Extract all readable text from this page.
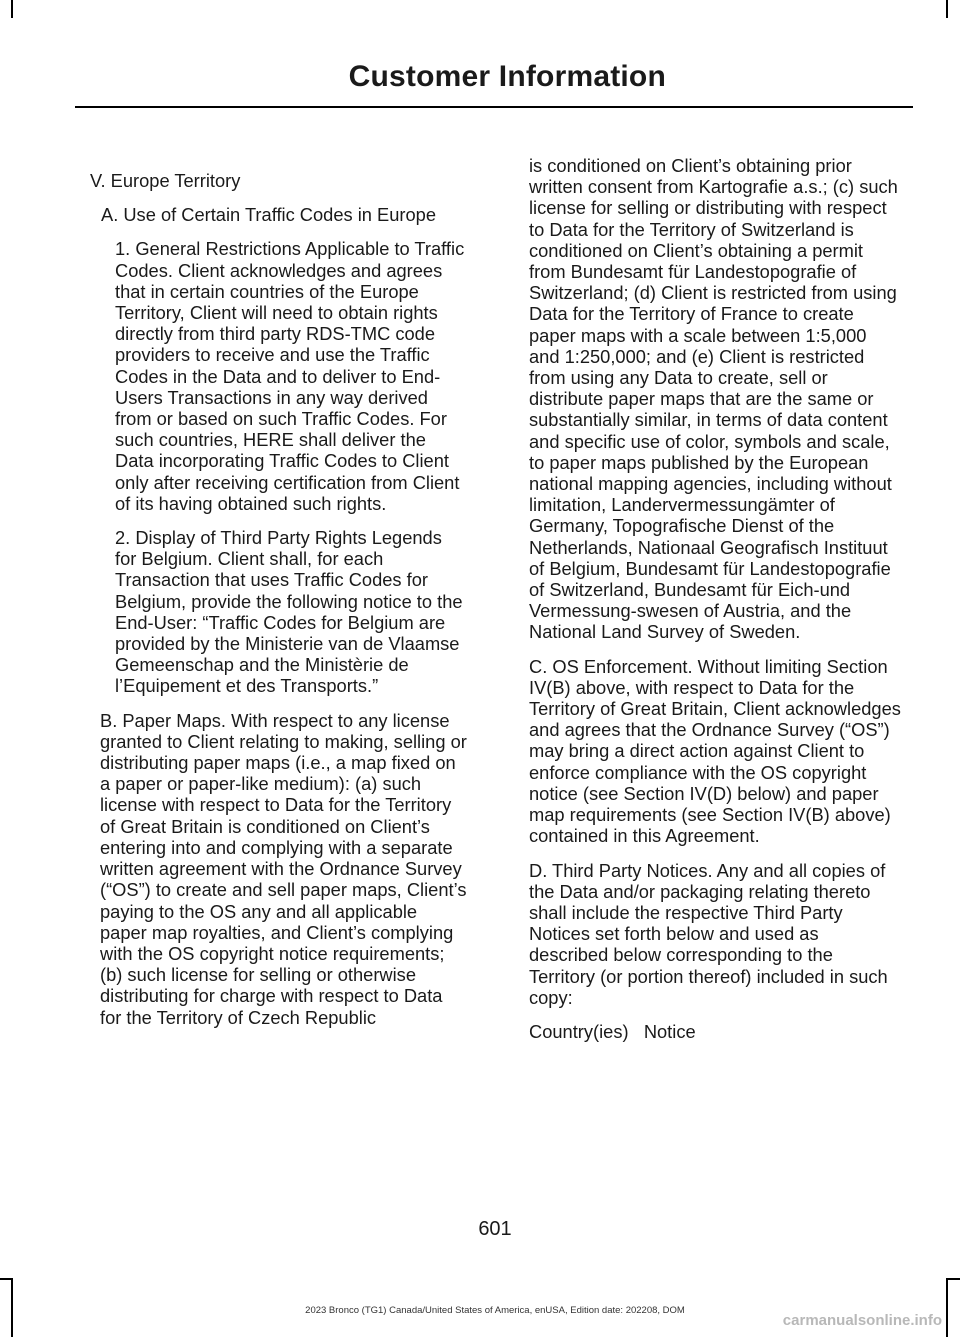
Customer Information

V. Europe Territory

A. Use of Certain Traffic Codes in Europe

1. General Restrictions Applicable to Traffic Codes. Client acknowledges and agrees that in certain countries of the Europe Territory, Client will need to obtain rights directly from third party RDS-TMC code providers to receive and use the Traffic Codes in the Data and to deliver to End-Users Transactions in any way derived from or based on such Traffic Codes. For such countries, HERE shall deliver the Data incorporating Traffic Codes to Client only after receiving certification from Client of its having obtained such rights.

2. Display of Third Party Rights Legends for Belgium. Client shall, for each Transaction that uses Traffic Codes for Belgium, provide the following notice to the End-User: “Traffic Codes for Belgium are provided by the Ministerie van de Vlaamse Gemeenschap and the Ministèrie de l’Equipement et des Transports.”

B. Paper Maps. With respect to any license granted to Client relating to making, selling or distributing paper maps (i.e., a map fixed on a paper or paper-like medium): (a) such license with respect to Data for the Territory of Great Britain is conditioned on Client’s entering into and complying with a separate written agreement with the Ordnance Survey (“OS”) to create and sell paper maps, Client’s paying to the OS any and all applicable paper map royalties, and Client’s complying with the OS copyright notice requirements; (b) such license for selling or otherwise distributing for charge with respect to Data for the Territory of Czech Republic

is conditioned on Client’s obtaining prior written consent from Kartografie a.s.; (c) such license for selling or distributing with respect to Data for the Territory of Switzerland is conditioned on Client’s obtaining a permit from Bundesamt für Landestopografie of Switzerland; (d) Client is restricted from using Data for the Territory of France to create paper maps with a scale between 1:5,000 and 1:250,000; and (e) Client is restricted from using any Data to create, sell or distribute paper maps that are the same or substantially similar, in terms of data content and specific use of color, symbols and scale, to paper maps published by the European national mapping agencies, including without limitation, Landervermessungämter of Germany, Topografische Dienst of the Netherlands, Nationaal Geografisch Instituut of Belgium, Bundesamt für Landestopografie of Switzerland, Bundesamt für Eich-und Vermessung-swesen of Austria, and the National Land Survey of Sweden.

C. OS Enforcement. Without limiting Section IV(B) above, with respect to Data for the Territory of Great Britain, Client acknowledges and agrees that the Ordnance Survey (“OS”) may bring a direct action against Client to enforce compliance with the OS copyright notice (see Section IV(D) below) and paper map requirements (see Section IV(B) above) contained in this Agreement.

D. Third Party Notices. Any and all copies of the Data and/or packaging relating thereto shall include the respective Third Party Notices set forth below and used as described below corresponding to the Territory (or portion thereof) included in such copy:

Country(ies) Notice

601
2023 Bronco (TG1) Canada/United States of America, enUSA, Edition date: 202208, DOM
carmanualsonline.info
